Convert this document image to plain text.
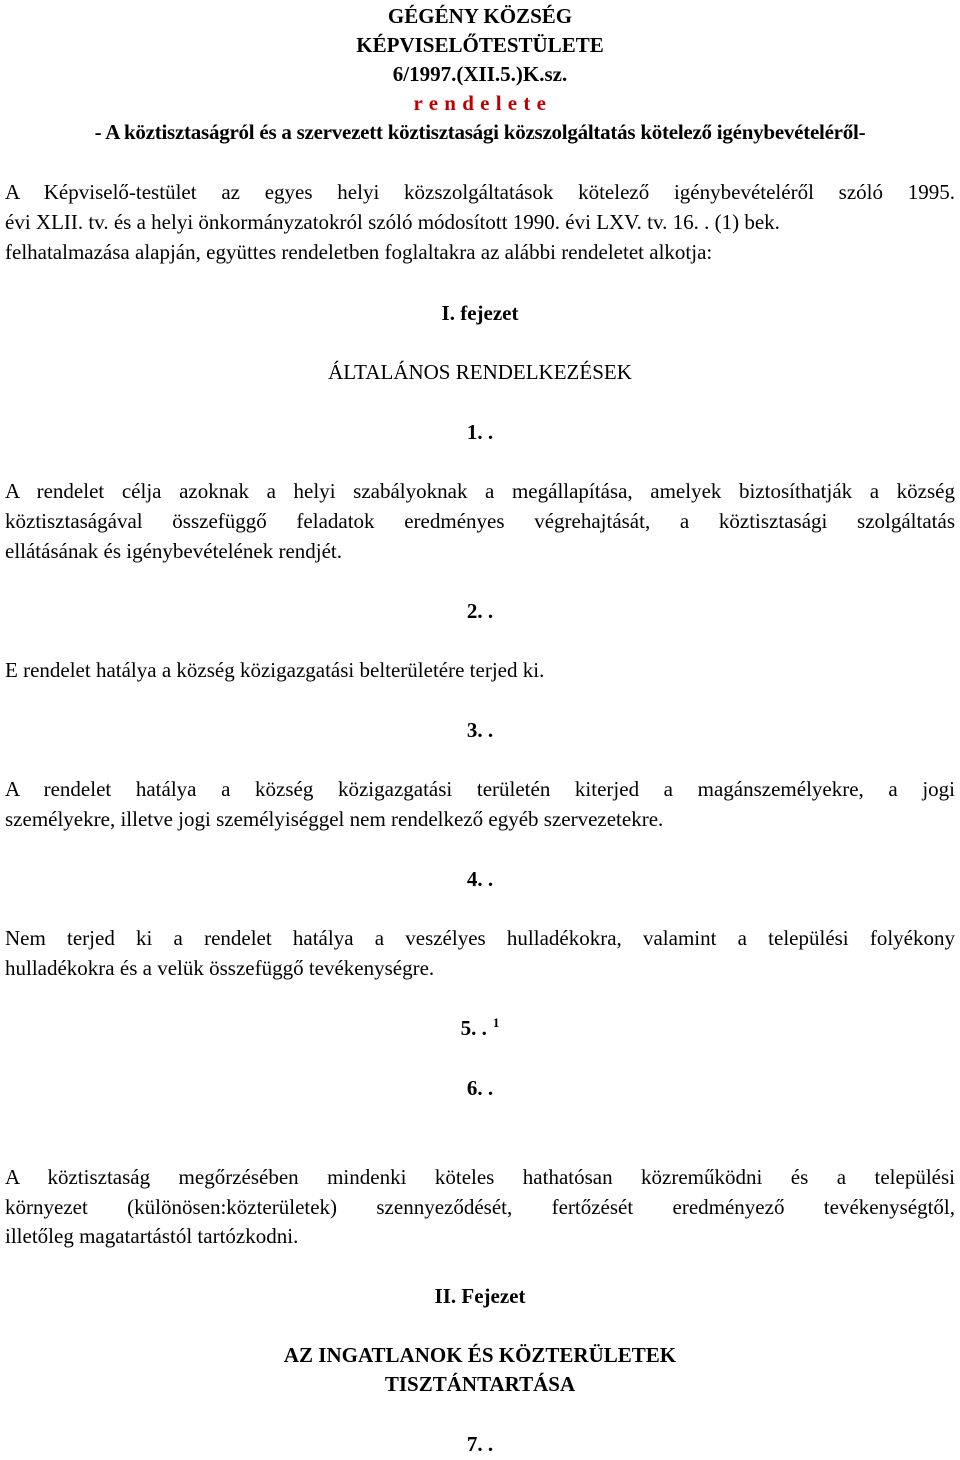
GÉGÉNY KÖZSÉG
KÉPVISELŐTESTÜLETE
6/1997.(XII.5.)K.sz.
r e n d e l e t e
- A köztisztaságról és a szervezett köztisztasági közszolgáltatás kötelező igénybevételéről-
A Képviselő-testület az egyes helyi közszolgáltatások kötelező igénybevételéről szóló 1995.
évi XLII. tv. és a helyi önkormányzatokról szóló módosított 1990. évi LXV. tv. 16. . (1) bek.
felhatalmazása alapján, együttes rendeletben foglaltakra az alábbi rendeletet alkotja:
I. fejezet
ÁLTALÁNOS RENDELKEZÉSEK
1. .
A rendelet célja azoknak a helyi szabályoknak a megállapítása, amelyek biztosíthatják a község
köztisztaságával összefüggő feladatok eredményes végrehajtását, a köztisztasági szolgáltatás
ellátásának és igénybevételének rendjét.
2. .
E rendelet hatálya a község közigazgatási belterületére terjed ki.
3. .
A rendelet hatálya a község közigazgatási területén kiterjed a magánszemélyekre, a jogi
személyekre, illetve jogi személyiséggel nem rendelkező egyéb szervezetekre.
4. .
Nem terjed ki a rendelet hatálya a veszélyes hulladékokra, valamint a települési folyékony
hulladékokra és a velük összefüggő tevékenységre.
5. . $^1$
6. .
A köztisztaság megőrzésében mindenki köteles hathatósan közreműködni és a települési
környezet (különösen:közterületek) szennyeződését, fertőzését eredményező tevékenységtől,
illetőleg magatartástól tartózkodni.
II. Fejezet
AZ INGATLANOK ÉS KÖZTERÜLETEK
TISZTÁNTARTÁSA
7. .
